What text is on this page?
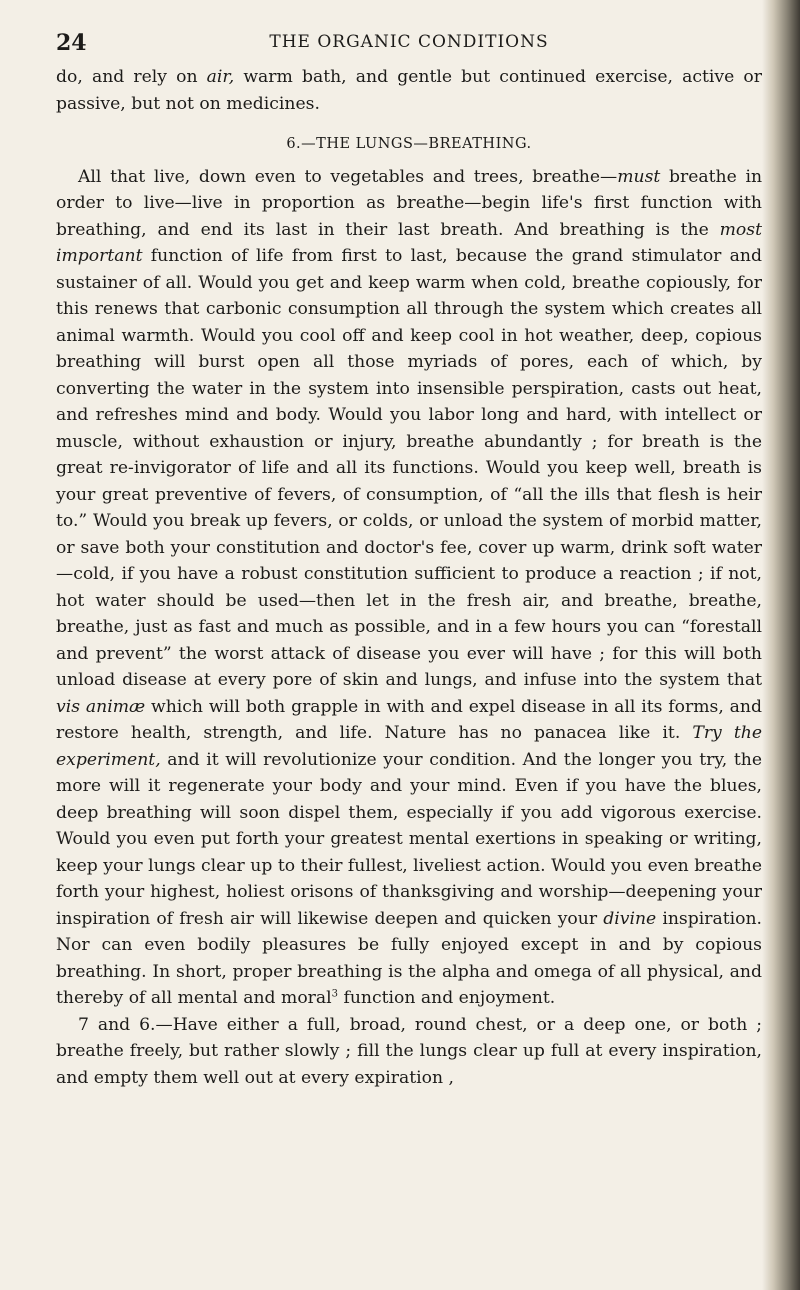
24	THE ORGANIC CONDITIONS

do, and rely on air, warm bath, and gentle but continued exercise, active or passive, but not on medicines.

6.—THE LUNGS—BREATHING.

All that live, down even to vegetables and trees, breathe—must breathe in order to live—live in proportion as breathe—begin life's first function with breathing, and end its last in their last breath. And breathing is the most important function of life from first to last, because the grand stimulator and sustainer of all. Would you get and keep warm when cold, breathe copiously, for this renews that carbonic consumption all through the system which creates all animal warmth. Would you cool off and keep cool in hot weather, deep, copious breathing will burst open all those myriads of pores, each of which, by converting the water in the system into insensible perspiration, casts out heat, and refreshes mind and body. Would you labor long and hard, with intellect or muscle, without exhaustion or injury, breathe abundantly ; for breath is the great re-invigorator of life and all its functions. Would you keep well, breath is your great preventive of fevers, of consumption, of “all the ills that flesh is heir to.” Would you break up fevers, or colds, or unload the system of morbid matter, or save both your constitution and doctor's fee, cover up warm, drink soft water—cold, if you have a robust constitution sufficient to produce a reaction ; if not, hot water should be used—then let in the fresh air, and breathe, breathe, breathe, just as fast and much as possible, and in a few hours you can “forestall and prevent” the worst attack of disease you ever will have ; for this will both unload disease at every pore of skin and lungs, and infuse into the system that vis animæ which will both grapple in with and expel disease in all its forms, and restore health, strength, and life. Nature has no panacea like it. Try the experiment, and it will revolutionize your condition. And the longer you try, the more will it regenerate your body and your mind. Even if you have the blues, deep breathing will soon dispel them, especially if you add vigorous exercise. Would you even put forth your greatest mental exertions in speaking or writing, keep your lungs clear up to their fullest, liveliest action. Would you even breathe forth your highest, holiest orisons of thanksgiving and worship—deepening your inspiration of fresh air will likewise deepen and quicken your divine inspiration. Nor can even bodily pleasures be fully enjoyed except in and by copious breathing. In short, proper breathing is the alpha and omega of all physical, and thereby of all mental and moral$^3$ function and enjoyment.

7 and 6.—Have either a full, broad, round chest, or a deep one, or both ; breathe freely, but rather slowly ; fill the lungs clear up full at every inspiration, and empty them well out at every expiration ,
